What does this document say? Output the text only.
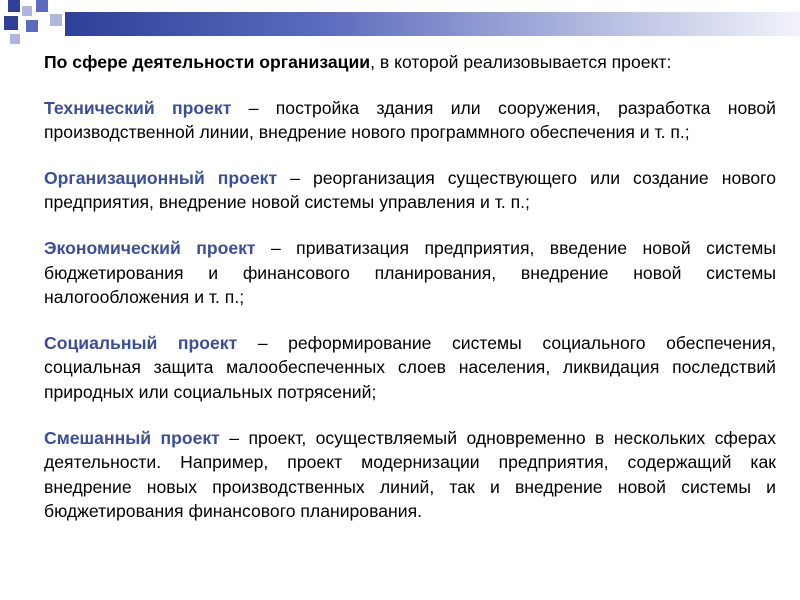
По сфере деятельности организации, в которой реализовывается проект:

Технический проект – постройка здания или сооружения, разработка новой производственной линии, внедрение нового программного обеспечения и т. п.;

Организационный проект – реорганизация существующего или создание нового предприятия, внедрение новой системы управления и т. п.;

Экономический проект – приватизация предприятия, введение новой системы бюджетирования и финансового планирования, внедрение новой системы налогообложения и т. п.;

Социальный проект – реформирование системы социального обеспечения, социальная защита малообеспеченных слоев населения, ликвидация последствий природных или социальных потрясений;

Смешанный проект – проект, осуществляемый одновременно в нескольких сферах деятельности. Например, проект модернизации предприятия, содержащий как внедрение новых производственных линий, так и внедрение новой системы и бюджетирования финансового планирования.
